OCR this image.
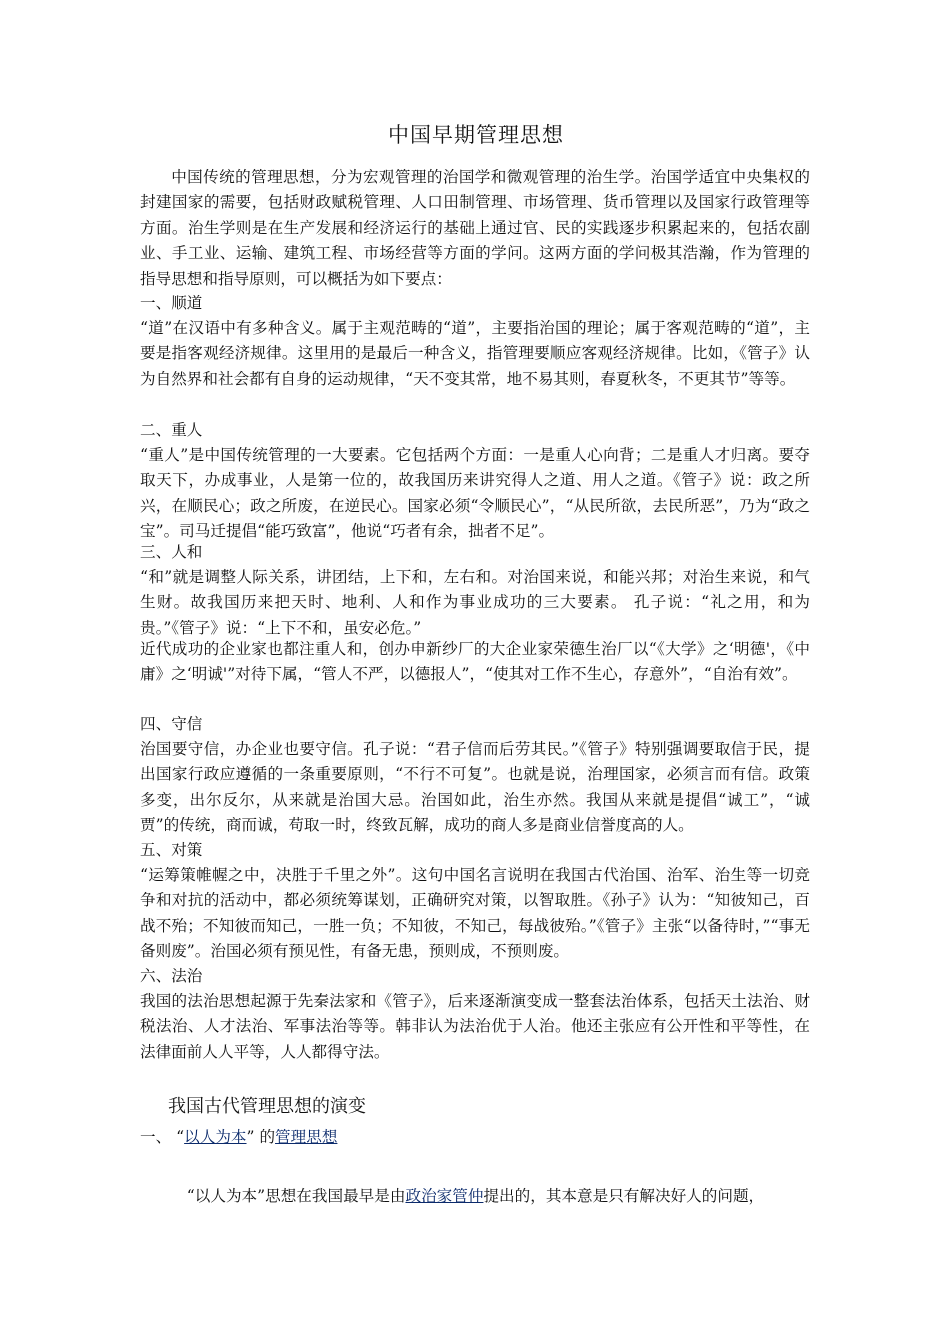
中国早期管理思想

中国传统的管理思想，分为宏观管理的治国学和微观管理的治生学。治国学适宜中央集权的封建国家的需要，包括财政赋税管理、人口田制管理、市场管理、货币管理以及国家行政管理等方面。治生学则是在生产发展和经济运行的基础上通过官、民的实践逐步积累起来的，包括农副业、手工业、运输、建筑工程、市场经营等方面的学问。这两方面的学问极其浩瀚，作为管理的指导思想和指导原则，可以概括为如下要点：

一、顺道

“道”在汉语中有多种含义。属于主观范畴的“道”，主要指治国的理论；属于客观范畴的“道”，主要是指客观经济规律。这里用的是最后一种含义，指管理要顺应客观经济规律。比如，《管子》认为自然界和社会都有自身的运动规律，“天不变其常，地不易其则，春夏秋冬，不更其节”等等。

二、重人

“重人”是中国传统管理的一大要素。它包括两个方面：一是重人心向背；二是重人才归离。要夺取天下，办成事业，人是第一位的，故我国历来讲究得人之道、用人之道。《管子》说：政之所兴，在顺民心；政之所废，在逆民心。国家必须“令顺民心”，“从民所欲，去民所恶”，乃为“政之宝”。司马迁提倡“能巧致富”，他说“巧者有余，拙者不足”。

三、人和

“和”就是调整人际关系，讲团结，上下和，左右和。对治国来说，和能兴邦；对治生来说，和气生财。故我国历来把天时、地利、人和作为事业成功的三大要素。 孔子说：“礼之用，和为贵。”《管子》说：“上下不和，虽安必危。”

近代成功的企业家也都注重人和，创办申新纱厂的大企业家荣德生治厂以“《大学》之‘明德'，《中庸》之‘明诚'”对待下属，“管人不严，以德报人”，“使其对工作不生心，存意外”，“自治有效”。

四、守信

治国要守信，办企业也要守信。孔子说：“君子信而后劳其民。”《管子》特别强调要取信于民，提出国家行政应遵循的一条重要原则，“不行不可复”。也就是说，治理国家，必须言而有信。政策多变，出尔反尔，从来就是治国大忌。治国如此，治生亦然。我国从来就是提倡“诚工”，“诚贾”的传统，商而诚，苟取一时，终致瓦解，成功的商人多是商业信誉度高的人。

五、对策

“运筹策帷幄之中，决胜于千里之外”。这句中国名言说明在我国古代治国、治军、治生等一切竞争和对抗的活动中，都必须统筹谋划，正确研究对策，以智取胜。《孙子》认为：“知彼知己，百战不殆；不知彼而知己，一胜一负；不知彼，不知己，每战彼殆。”《管子》主张“以备待时，”“事无备则废”。治国必须有预见性，有备无患，预则成，不预则废。

六、法治

我国的法治思想起源于先秦法家和《管子》，后来逐渐演变成一整套法治体系，包括天土法治、财税法治、人才法治、军事法治等等。韩非认为法治优于人治。他还主张应有公开性和平等性，在法律面前人人平等，人人都得守法。

我国古代管理思想的演变
一、 “以人为本” 的管理思想
“以人为本”思想在我国最早是由政治家管仲提出的，其本意是只有解决好人的问题，
